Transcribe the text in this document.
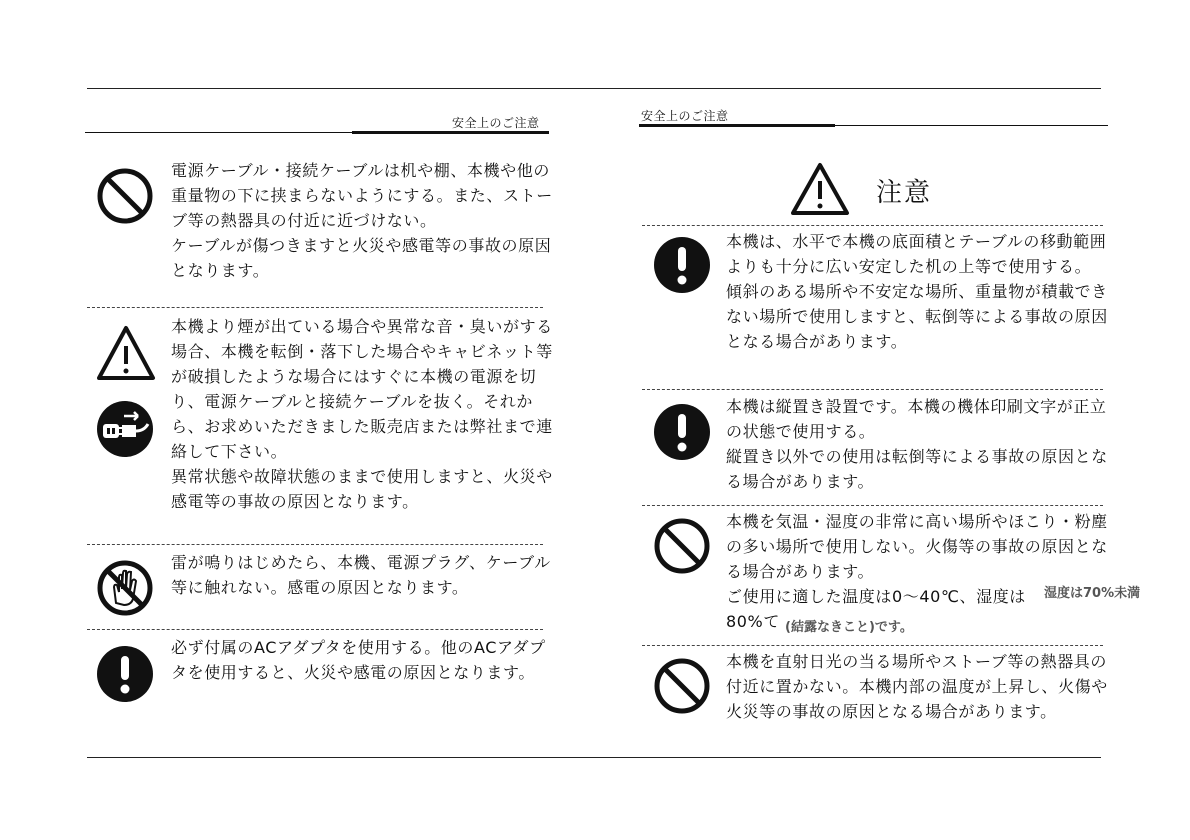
安全上のご注意

電源ケーブル・接続ケーブルは机や棚、本機や他の重量物の下に挟まらないようにする。また、ストーブ等の熱器具の付近に近づけない。

ケーブルが傷つきますと火災や感電等の事故の原因となります。

本機より煙が出ている場合や異常な音・臭いがする場合、本機を転倒・落下した場合やキャビネット等が破損したような場合にはすぐに本機の電源を切り、電源ケーブルと接続ケーブルを抜く。それから、お求めいただきました販売店または弊社まで連絡して下さい。

異常状態や故障状態のままで使用しますと、火災や感電等の事故の原因となります。

雷が鳴りはじめたら、本機、電源プラグ、ケーブル等に触れない。感電の原因となります。

必ず付属のACアダプタを使用する。他のACアダプタを使用すると、火災や感電の原因となります。

安全上のご注意
注意

本機は、水平で本機の底面積とテーブルの移動範囲よりも十分に広い安定した机の上等で使用する。

傾斜のある場所や不安定な場所、重量物が積載できない場所で使用しますと、転倒等による事故の原因となる場合があります。

本機は縦置き設置です。本機の機体印刷文字が正立の状態で使用する。

縦置き以外での使用は転倒等による事故の原因となる場合があります。

本機を気温・湿度の非常に高い場所やほこり・粉塵の多い場所で使用しない。火傷等の事故の原因となる場合があります。

ご使用に適した温度は0～40℃、湿度は

80%て

湿度は70%未満
(結露なきこと)です。

本機を直射日光の当る場所やストーブ等の熱器具の付近に置かない。本機内部の温度が上昇し、火傷や火災等の事故の原因となる場合があります。
